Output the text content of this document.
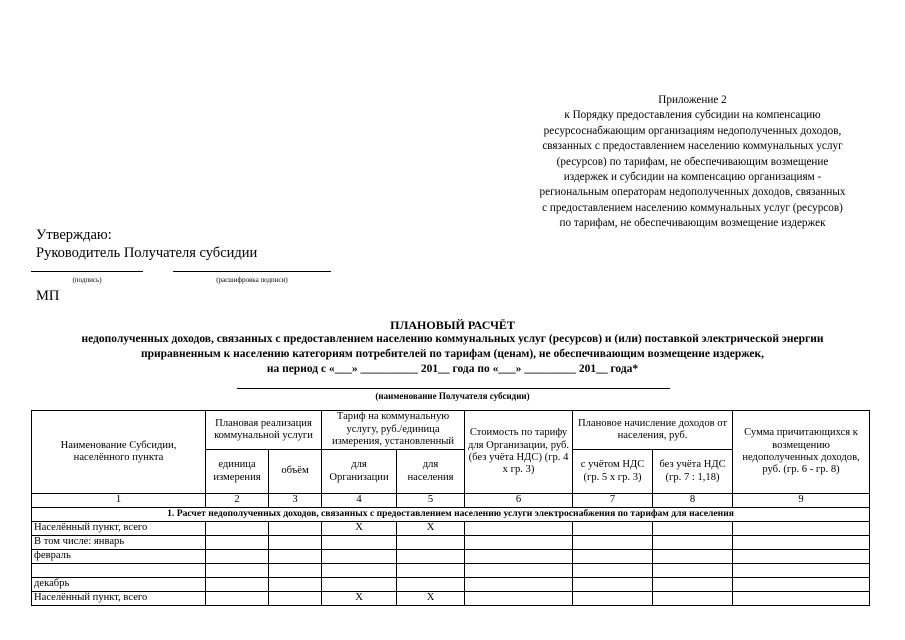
Приложение 2
к Порядку предоставления субсидии на компенсацию
ресурсоснабжающим организациям недополученных доходов,
связанных с предоставлением населению коммунальных услуг
(ресурсов) по тарифам, не обеспечивающим возмещение
издержек и субсидии на компенсацию организациям -
региональным операторам недополученных доходов, связанных
с предоставлением населению коммунальных услуг (ресурсов)
по тарифам, не обеспечивающим возмещение издержек
Утверждаю:
Руководитель Получателя субсидии
(подпись)	(расшифровка подписи)
МП
ПЛАНОВЫЙ РАСЧЁТ
недополученных доходов, связанных с предоставлением населению коммунальных услуг (ресурсов) и (или) поставкой электрической энергии
приравненным к населению категориям потребителей по тарифам (ценам), не обеспечивающим возмещение издержек,
на период с «___» __________ 201__ года по «___» _________ 201__ года*
(наименование Получателя субсидии)
Наименование Субсидии, населённого пункта	Плановая реализация коммунальной услуги		Тариф на коммунальную услугу, руб./единица измерения, установленный		Стоимость по тарифу для Организации, руб. (без учёта НДС) (гр. 4 х гр. 3)	Плановое начисление доходов от населения, руб.		Сумма причитающихся к возмещению недополученных доходов, руб. (гр. 6 - гр. 8)
	единица измерения	объём	для Организации	для населения		с учётом НДС (гр. 5 х гр. 3)	без учёта НДС (гр. 7 : 1,18)	
1	2	3	4	5	6	7	8	9
1. Расчет недополученных доходов, связанных с предоставлением населению услуги электроснабжения по тарифам для населения								
Населённый пункт, всего			Х	Х				
В том числе: январь								
февраль								

декабрь								
Населённый пункт, всего			Х	Х				
